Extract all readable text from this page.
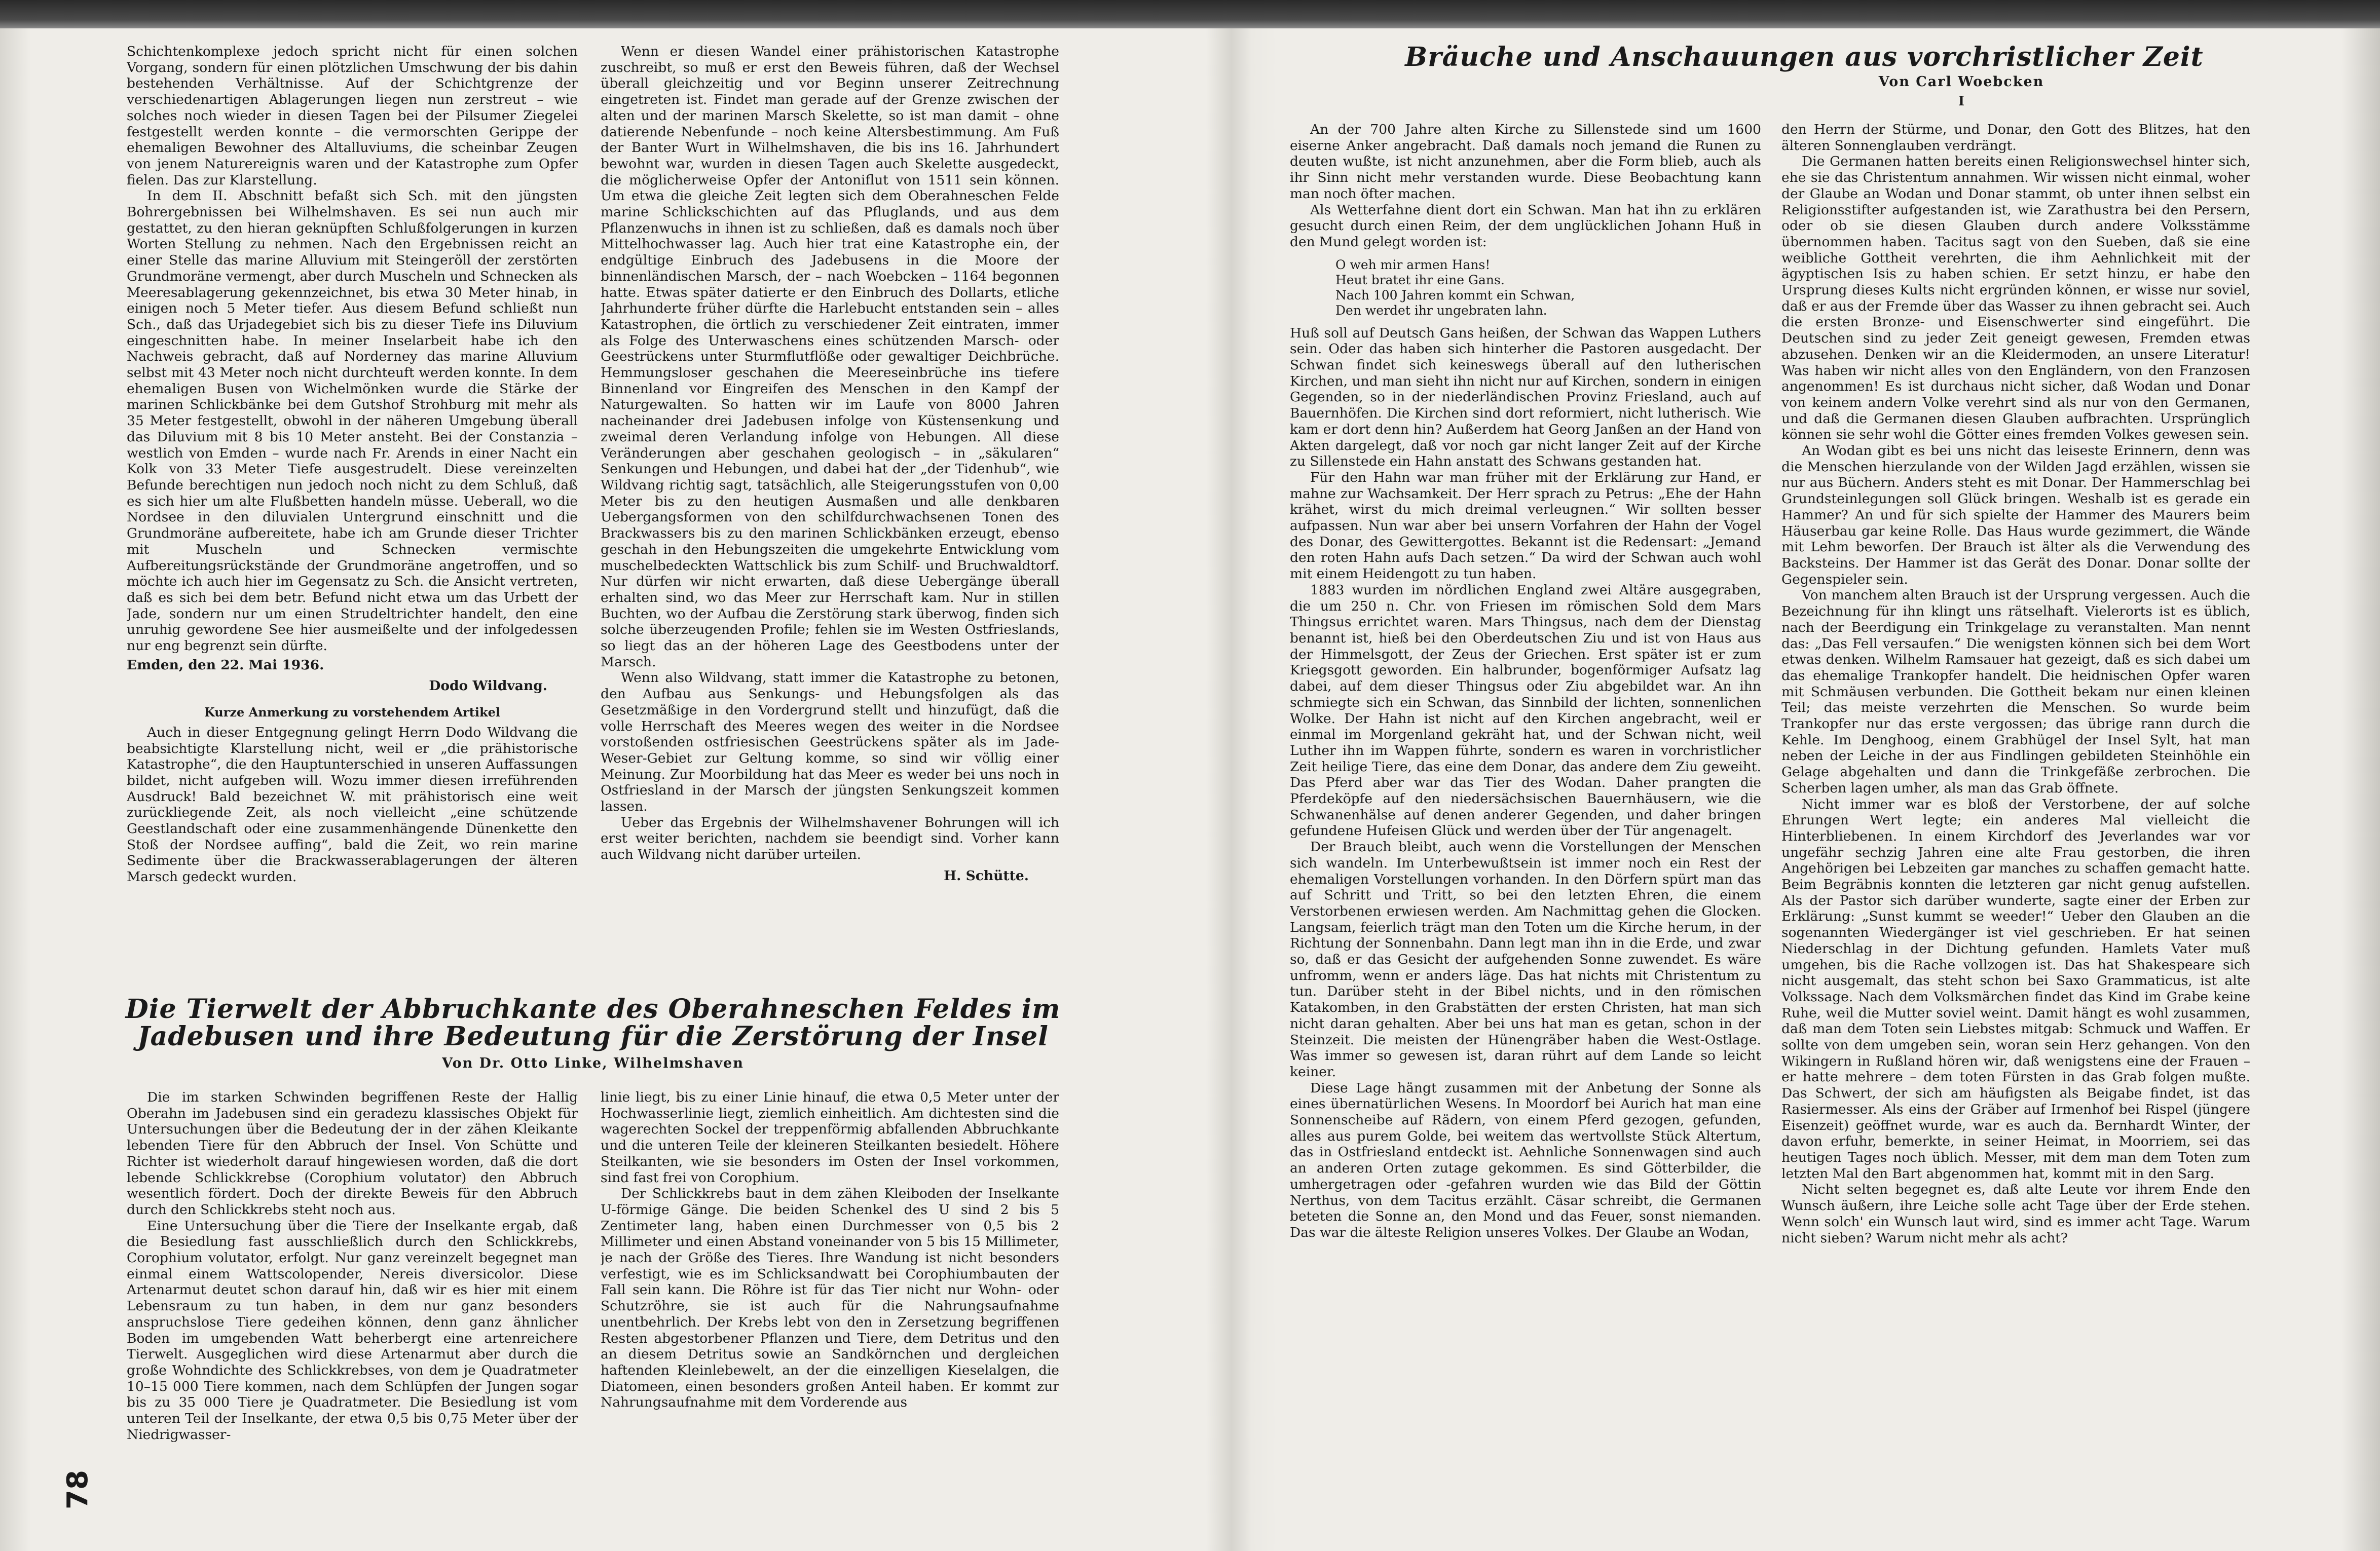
Schichtenkomplexe jedoch spricht nicht für einen solchen Vorgang, sondern für einen plötzlichen Umschwung der bis dahin bestehenden Verhältnisse. Auf der Schichtgrenze der verschiedenartigen Ablagerungen liegen nun zerstreut – wie solches noch wieder in diesen Tagen bei der Pilsumer Ziegelei festgestellt werden konnte – die vermorschten Gerippe der ehemaligen Bewohner des Altalluviums, die scheinbar Zeugen von jenem Naturereignis waren und der Katastrophe zum Opfer fielen. Das zur Klarstellung.

In dem II. Abschnitt befaßt sich Sch. mit den jüngsten Bohrergebnissen bei Wilhelmshaven. Es sei nun auch mir gestattet, zu den hieran geknüpften Schlußfolgerungen in kurzen Worten Stellung zu nehmen. Nach den Ergebnissen reicht an einer Stelle das marine Alluvium mit Steingeröll der zerstörten Grundmoräne vermengt, aber durch Muscheln und Schnecken als Meeresablagerung gekennzeichnet, bis etwa 30 Meter hinab, in einigen noch 5 Meter tiefer. Aus diesem Befund schließt nun Sch., daß das Urjadegebiet sich bis zu dieser Tiefe ins Diluvium eingeschnitten habe. In meiner Inselarbeit habe ich den Nachweis gebracht, daß auf Norderney das marine Alluvium selbst mit 43 Meter noch nicht durchteuft werden konnte. In dem ehemaligen Busen von Wichelmönken wurde die Stärke der marinen Schlickbänke bei dem Gutshof Strohburg mit mehr als 35 Meter festgestellt, obwohl in der näheren Umgebung überall das Diluvium mit 8 bis 10 Meter ansteht. Bei der Constanzia – westlich von Emden – wurde nach Fr. Arends in einer Nacht ein Kolk von 33 Meter Tiefe ausgestrudelt. Diese vereinzelten Befunde berechtigen nun jedoch noch nicht zu dem Schluß, daß es sich hier um alte Flußbetten handeln müsse. Ueberall, wo die Nordsee in den diluvialen Untergrund einschnitt und die Grundmoräne aufbereitete, habe ich am Grunde dieser Trichter mit Muscheln und Schnecken vermischte Aufbereitungsrückstände der Grundmoräne angetroffen, und so möchte ich auch hier im Gegensatz zu Sch. die Ansicht vertreten, daß es sich bei dem betr. Befund nicht etwa um das Urbett der Jade, sondern nur um einen Strudeltrichter handelt, den eine unruhig gewordene See hier ausmeißelte und der infolgedessen nur eng begrenzt sein dürfte.

Emden, den 22. Mai 1936.

Dodo Wildvang.

Kurze Anmerkung zu vorstehendem Artikel

Auch in dieser Entgegnung gelingt Herrn Dodo Wildvang die beabsichtigte Klarstellung nicht, weil er „die prähistorische Katastrophe“, die den Hauptunterschied in unseren Auffassungen bildet, nicht aufgeben will. Wozu immer diesen irreführenden Ausdruck! Bald bezeichnet W. mit prähistorisch eine weit zurückliegende Zeit, als noch vielleicht „eine schützende Geestlandschaft oder eine zusammenhängende Dünenkette den Stoß der Nordsee auffing“, bald die Zeit, wo rein marine Sedimente über die Brackwasserablagerungen der älteren Marsch gedeckt wurden.

Wenn er diesen Wandel einer prähistorischen Katastrophe zuschreibt, so muß er erst den Beweis führen, daß der Wechsel überall gleichzeitig und vor Beginn unserer Zeitrechnung eingetreten ist. Findet man gerade auf der Grenze zwischen der alten und der marinen Marsch Skelette, so ist man damit – ohne datierende Nebenfunde – noch keine Altersbestimmung. Am Fuß der Banter Wurt in Wilhelmshaven, die bis ins 16. Jahrhundert bewohnt war, wurden in diesen Tagen auch Skelette ausgedeckt, die möglicherweise Opfer der Antoniflut von 1511 sein können. Um etwa die gleiche Zeit legten sich dem Oberahneschen Felde marine Schlickschichten auf das Pfluglands, und aus dem Pflanzenwuchs in ihnen ist zu schließen, daß es damals noch über Mittelhochwasser lag. Auch hier trat eine Katastrophe ein, der endgültige Einbruch des Jadebusens in die Moore der binnenländischen Marsch, der – nach Woebcken – 1164 begonnen hatte. Etwas später datierte er den Einbruch des Dollarts, etliche Jahrhunderte früher dürfte die Harlebucht entstanden sein – alles Katastrophen, die örtlich zu verschiedener Zeit eintraten, immer als Folge des Unterwaschens eines schützenden Marsch- oder Geestrückens unter Sturmflutflöße oder gewaltiger Deichbrüche. Hemmungsloser geschahen die Meereseinbrüche ins tiefere Binnenland vor Eingreifen des Menschen in den Kampf der Naturgewalten. So hatten wir im Laufe von 8000 Jahren nacheinander drei Jadebusen infolge von Küstensenkung und zweimal deren Verlandung infolge von Hebungen. All diese Veränderungen aber geschahen geologisch – in „säkularen“ Senkungen und Hebungen, und dabei hat der „der Tidenhub“, wie Wildvang richtig sagt, tatsächlich, alle Steigerungsstufen von 0,00 Meter bis zu den heutigen Ausmaßen und alle denkbaren Uebergangsformen von den schilfdurchwachsenen Tonen des Brackwassers bis zu den marinen Schlickbänken erzeugt, ebenso geschah in den Hebungszeiten die umgekehrte Entwicklung vom muschelbedeckten Wattschlick bis zum Schilf- und Bruchwaldtorf. Nur dürfen wir nicht erwarten, daß diese Uebergänge überall erhalten sind, wo das Meer zur Herrschaft kam. Nur in stillen Buchten, wo der Aufbau die Zerstörung stark überwog, finden sich solche überzeugenden Profile; fehlen sie im Westen Ostfrieslands, so liegt das an der höheren Lage des Geestbodens unter der Marsch.

Wenn also Wildvang, statt immer die Katastrophe zu betonen, den Aufbau aus Senkungs- und Hebungsfolgen als das Gesetzmäßige in den Vordergrund stellt und hinzufügt, daß die volle Herrschaft des Meeres wegen des weiter in die Nordsee vorstoßenden ostfriesischen Geestrückens später als im Jade-Weser-Gebiet zur Geltung komme, so sind wir völlig einer Meinung. Zur Moorbildung hat das Meer es weder bei uns noch in Ostfriesland in der Marsch der jüngsten Senkungszeit kommen lassen.

Ueber das Ergebnis der Wilhelmshavener Bohrungen will ich erst weiter berichten, nachdem sie beendigt sind. Vorher kann auch Wildvang nicht darüber urteilen.

H. Schütte.

Die Tierwelt der Abbruchkante des Oberahneschen Feldes im Jadebusen und ihre Bedeutung für die Zerstörung der Insel
Von Dr. Otto Linke, Wilhelmshaven

Die im starken Schwinden begriffenen Reste der Hallig Oberahn im Jadebusen sind ein geradezu klassisches Objekt für Untersuchungen über die Bedeutung der in der zähen Kleikante lebenden Tiere für den Abbruch der Insel. Von Schütte und Richter ist wiederholt darauf hingewiesen worden, daß die dort lebende Schlickkrebse (Corophium volutator) den Abbruch wesentlich fördert. Doch der direkte Beweis für den Abbruch durch den Schlickkrebs steht noch aus.

Eine Untersuchung über die Tiere der Inselkante ergab, daß die Besiedlung fast ausschließlich durch den Schlickkrebs, Corophium volutator, erfolgt. Nur ganz vereinzelt begegnet man einmal einem Wattscolopender, Nereis diversicolor. Diese Artenarmut deutet schon darauf hin, daß wir es hier mit einem Lebensraum zu tun haben, in dem nur ganz besonders anspruchslose Tiere gedeihen können, denn ganz ähnlicher Boden im umgebenden Watt beherbergt eine artenreichere Tierwelt. Ausgeglichen wird diese Artenarmut aber durch die große Wohndichte des Schlickkrebses, von dem je Quadratmeter 10–15 000 Tiere kommen, nach dem Schlüpfen der Jungen sogar bis zu 35 000 Tiere je Quadratmeter. Die Besiedlung ist vom unteren Teil der Inselkante, der etwa 0,5 bis 0,75 Meter über der Niedrigwasser-

linie liegt, bis zu einer Linie hinauf, die etwa 0,5 Meter unter der Hochwasserlinie liegt, ziemlich einheitlich. Am dichtesten sind die wagerechten Sockel der treppenförmig abfallenden Abbruchkante und die unteren Teile der kleineren Steilkanten besiedelt. Höhere Steilkanten, wie sie besonders im Osten der Insel vorkommen, sind fast frei von Corophium.

Der Schlickkrebs baut in dem zähen Kleiboden der Inselkante U-förmige Gänge. Die beiden Schenkel des U sind 2 bis 5 Zentimeter lang, haben einen Durchmesser von 0,5 bis 2 Millimeter und einen Abstand voneinander von 5 bis 15 Millimeter, je nach der Größe des Tieres. Ihre Wandung ist nicht besonders verfestigt, wie es im Schlicksandwatt bei Corophiumbauten der Fall sein kann. Die Röhre ist für das Tier nicht nur Wohn- oder Schutzröhre, sie ist auch für die Nahrungsaufnahme unentbehrlich. Der Krebs lebt von den in Zersetzung begriffenen Resten abgestorbener Pflanzen und Tiere, dem Detritus und den an diesem Detritus sowie an Sandkörnchen und dergleichen haftenden Kleinlebewelt, an der die einzelligen Kieselalgen, die Diatomeen, einen besonders großen Anteil haben. Er kommt zur Nahrungsaufnahme mit dem Vorderende aus

78
Bräuche und Anschauungen aus vorchristlicher Zeit
Von Carl Woebcken
I

An der 700 Jahre alten Kirche zu Sillenstede sind um 1600 eiserne Anker angebracht. Daß damals noch jemand die Runen zu deuten wußte, ist nicht anzunehmen, aber die Form blieb, auch als ihr Sinn nicht mehr verstanden wurde. Diese Beobachtung kann man noch öfter machen.

Als Wetterfahne dient dort ein Schwan. Man hat ihn zu erklären gesucht durch einen Reim, der dem unglücklichen Johann Huß in den Mund gelegt worden ist:

O weh mir armen Hans!
Heut bratet ihr eine Gans.
Nach 100 Jahren kommt ein Schwan,
Den werdet ihr ungebraten lahn.

Huß soll auf Deutsch Gans heißen, der Schwan das Wappen Luthers sein. Oder das haben sich hinterher die Pastoren ausgedacht. Der Schwan findet sich keineswegs überall auf den lutherischen Kirchen, und man sieht ihn nicht nur auf Kirchen, sondern in einigen Gegenden, so in der niederländischen Provinz Friesland, auch auf Bauernhöfen. Die Kirchen sind dort reformiert, nicht lutherisch. Wie kam er dort denn hin? Außerdem hat Georg Janßen an der Hand von Akten dargelegt, daß vor noch gar nicht langer Zeit auf der Kirche zu Sillenstede ein Hahn anstatt des Schwans gestanden hat.

Für den Hahn war man früher mit der Erklärung zur Hand, er mahne zur Wachsamkeit. Der Herr sprach zu Petrus: „Ehe der Hahn krähet, wirst du mich dreimal verleugnen.“ Wir sollten besser aufpassen. Nun war aber bei unsern Vorfahren der Hahn der Vogel des Donar, des Gewittergottes. Bekannt ist die Redensart: „Jemand den roten Hahn aufs Dach setzen.“ Da wird der Schwan auch wohl mit einem Heidengott zu tun haben.

1883 wurden im nördlichen England zwei Altäre ausgegraben, die um 250 n. Chr. von Friesen im römischen Sold dem Mars Thingsus errichtet waren. Mars Thingsus, nach dem der Dienstag benannt ist, hieß bei den Oberdeutschen Ziu und ist von Haus aus der Himmelsgott, der Zeus der Griechen. Erst später ist er zum Kriegsgott geworden. Ein halbrunder, bogenförmiger Aufsatz lag dabei, auf dem dieser Thingsus oder Ziu abgebildet war. An ihn schmiegte sich ein Schwan, das Sinnbild der lichten, sonnenlichen Wolke. Der Hahn ist nicht auf den Kirchen angebracht, weil er einmal im Morgenland gekräht hat, und der Schwan nicht, weil Luther ihn im Wappen führte, sondern es waren in vorchristlicher Zeit heilige Tiere, das eine dem Donar, das andere dem Ziu geweiht. Das Pferd aber war das Tier des Wodan. Daher prangten die Pferdeköpfe auf den niedersächsischen Bauernhäusern, wie die Schwanenhälse auf denen anderer Gegenden, und daher bringen gefundene Hufeisen Glück und werden über der Tür angenagelt.

Der Brauch bleibt, auch wenn die Vorstellungen der Menschen sich wandeln. Im Unterbewußtsein ist immer noch ein Rest der ehemaligen Vorstellungen vorhanden. In den Dörfern spürt man das auf Schritt und Tritt, so bei den letzten Ehren, die einem Verstorbenen erwiesen werden. Am Nachmittag gehen die Glocken. Langsam, feierlich trägt man den Toten um die Kirche herum, in der Richtung der Sonnenbahn. Dann legt man ihn in die Erde, und zwar so, daß er das Gesicht der aufgehenden Sonne zuwendet. Es wäre unfromm, wenn er anders läge. Das hat nichts mit Christentum zu tun. Darüber steht in der Bibel nichts, und in den römischen Katakomben, in den Grabstätten der ersten Christen, hat man sich nicht daran gehalten. Aber bei uns hat man es getan, schon in der Steinzeit. Die meisten der Hünengräber haben die West-Ostlage. Was immer so gewesen ist, daran rührt auf dem Lande so leicht keiner.

Diese Lage hängt zusammen mit der Anbetung der Sonne als eines übernatürlichen Wesens. In Moordorf bei Aurich hat man eine Sonnenscheibe auf Rädern, von einem Pferd gezogen, gefunden, alles aus purem Golde, bei weitem das wertvollste Stück Altertum, das in Ostfriesland entdeckt ist. Aehnliche Sonnenwagen sind auch an anderen Orten zutage gekommen. Es sind Götterbilder, die umhergetragen oder -gefahren wurden wie das Bild der Göttin Nerthus, von dem Tacitus erzählt. Cäsar schreibt, die Germanen beteten die Sonne an, den Mond und das Feuer, sonst niemanden. Das war die älteste Religion unseres Volkes. Der Glaube an Wodan,

den Herrn der Stürme, und Donar, den Gott des Blitzes, hat den älteren Sonnenglauben verdrängt.

Die Germanen hatten bereits einen Religionswechsel hinter sich, ehe sie das Christentum annahmen. Wir wissen nicht einmal, woher der Glaube an Wodan und Donar stammt, ob unter ihnen selbst ein Religionsstifter aufgestanden ist, wie Zarathustra bei den Persern, oder ob sie diesen Glauben durch andere Volksstämme übernommen haben. Tacitus sagt von den Sueben, daß sie eine weibliche Gottheit verehrten, die ihm Aehnlichkeit mit der ägyptischen Isis zu haben schien. Er setzt hinzu, er habe den Ursprung dieses Kults nicht ergründen können, er wisse nur soviel, daß er aus der Fremde über das Wasser zu ihnen gebracht sei. Auch die ersten Bronze- und Eisenschwerter sind eingeführt. Die Deutschen sind zu jeder Zeit geneigt gewesen, Fremden etwas abzusehen. Denken wir an die Kleidermoden, an unsere Literatur! Was haben wir nicht alles von den Engländern, von den Franzosen angenommen! Es ist durchaus nicht sicher, daß Wodan und Donar von keinem andern Volke verehrt sind als nur von den Germanen, und daß die Germanen diesen Glauben aufbrachten. Ursprünglich können sie sehr wohl die Götter eines fremden Volkes gewesen sein.

An Wodan gibt es bei uns nicht das leiseste Erinnern, denn was die Menschen hierzulande von der Wilden Jagd erzählen, wissen sie nur aus Büchern. Anders steht es mit Donar. Der Hammerschlag bei Grundsteinlegungen soll Glück bringen. Weshalb ist es gerade ein Hammer? An und für sich spielte der Hammer des Maurers beim Häuserbau gar keine Rolle. Das Haus wurde gezimmert, die Wände mit Lehm beworfen. Der Brauch ist älter als die Verwendung des Backsteins. Der Hammer ist das Gerät des Donar. Donar sollte der Gegenspieler sein.

Von manchem alten Brauch ist der Ursprung vergessen. Auch die Bezeichnung für ihn klingt uns rätselhaft. Vielerorts ist es üblich, nach der Beerdigung ein Trinkgelage zu veranstalten. Man nennt das: „Das Fell versaufen.“ Die wenigsten können sich bei dem Wort etwas denken. Wilhelm Ramsauer hat gezeigt, daß es sich dabei um das ehemalige Trankopfer handelt. Die heidnischen Opfer waren mit Schmäusen verbunden. Die Gottheit bekam nur einen kleinen Teil; das meiste verzehrten die Menschen. So wurde beim Trankopfer nur das erste vergossen; das übrige rann durch die Kehle. Im Denghoog, einem Grabhügel der Insel Sylt, hat man neben der Leiche in der aus Findlingen gebildeten Steinhöhle ein Gelage abgehalten und dann die Trinkgefäße zerbrochen. Die Scherben lagen umher, als man das Grab öffnete.

Nicht immer war es bloß der Verstorbene, der auf solche Ehrungen Wert legte; ein anderes Mal vielleicht die Hinterbliebenen. In einem Kirchdorf des Jeverlandes war vor ungefähr sechzig Jahren eine alte Frau gestorben, die ihren Angehörigen bei Lebzeiten gar manches zu schaffen gemacht hatte. Beim Begräbnis konnten die letzteren gar nicht genug aufstellen. Als der Pastor sich darüber wunderte, sagte einer der Erben zur Erklärung: „Sunst kummt se weeder!“ Ueber den Glauben an die sogenannten Wiedergänger ist viel geschrieben. Er hat seinen Niederschlag in der Dichtung gefunden. Hamlets Vater muß umgehen, bis die Rache vollzogen ist. Das hat Shakespeare sich nicht ausgemalt, das steht schon bei Saxo Grammaticus, ist alte Volkssage. Nach dem Volksmärchen findet das Kind im Grabe keine Ruhe, weil die Mutter soviel weint. Damit hängt es wohl zusammen, daß man dem Toten sein Liebstes mitgab: Schmuck und Waffen. Er sollte von dem umgeben sein, woran sein Herz gehangen. Von den Wikingern in Rußland hören wir, daß wenigstens eine der Frauen – er hatte mehrere – dem toten Fürsten in das Grab folgen mußte. Das Schwert, der sich am häufigsten als Beigabe findet, ist das Rasiermesser. Als eins der Gräber auf Irmenhof bei Rispel (jüngere Eisenzeit) geöffnet wurde, war es auch da. Bernhardt Winter, der davon erfuhr, bemerkte, in seiner Heimat, in Moorriem, sei das heutigen Tages noch üblich. Messer, mit dem man dem Toten zum letzten Mal den Bart abgenommen hat, kommt mit in den Sarg.

Nicht selten begegnet es, daß alte Leute vor ihrem Ende den Wunsch äußern, ihre Leiche solle acht Tage über der Erde stehen. Wenn solch' ein Wunsch laut wird, sind es immer acht Tage. Warum nicht sieben? Warum nicht mehr als acht?
